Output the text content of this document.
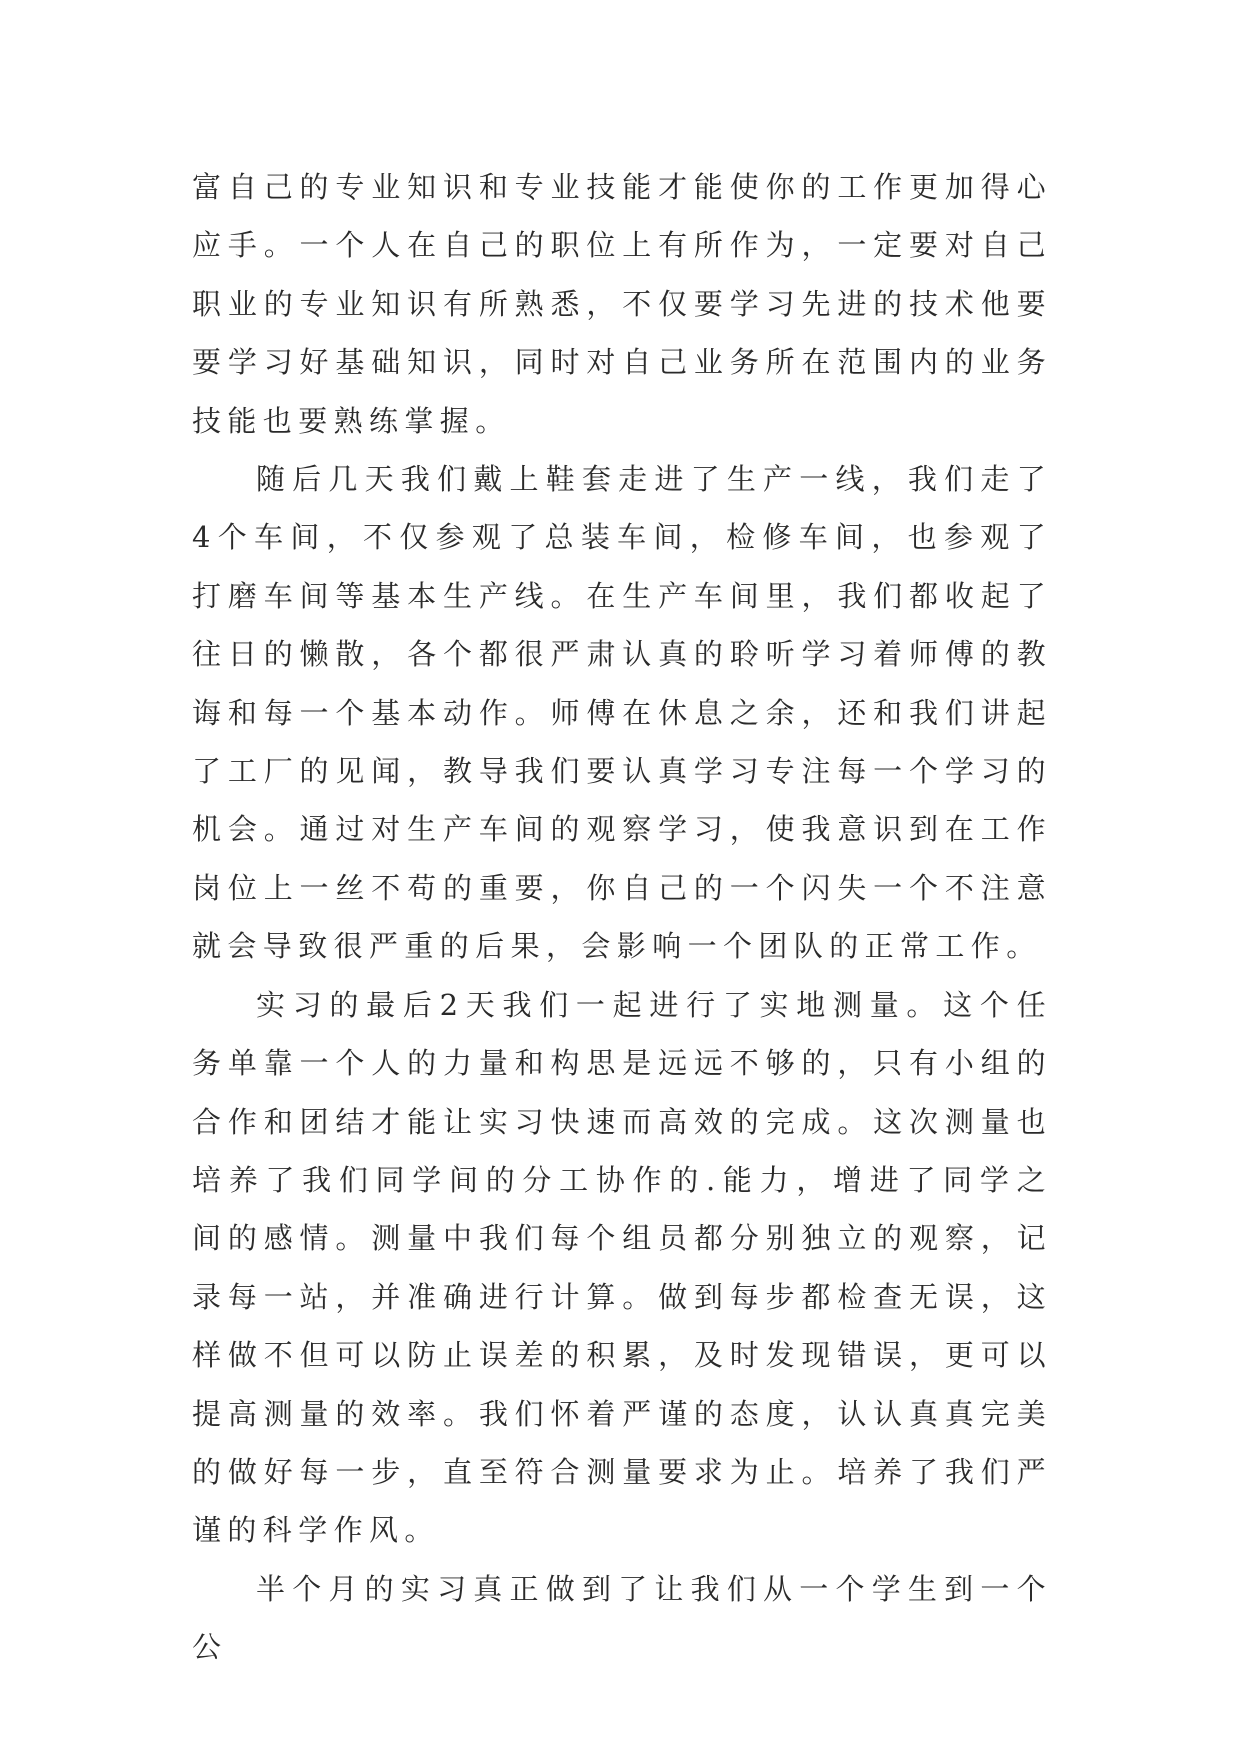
富自己的专业知识和专业技能才能使你的工作更加得心应手。一个人在自己的职位上有所作为，一定要对自己职业的专业知识有所熟悉，不仅要学习先进的技术他要要学习好基础知识，同时对自己业务所在范围内的业务技能也要熟练掌握。

随后几天我们戴上鞋套走进了生产一线，我们走了4个车间，不仅参观了总装车间，检修车间，也参观了打磨车间等基本生产线。在生产车间里，我们都收起了往日的懒散，各个都很严肃认真的聆听学习着师傅的教诲和每一个基本动作。师傅在休息之余，还和我们讲起了工厂的见闻，教导我们要认真学习专注每一个学习的机会。通过对生产车间的观察学习，使我意识到在工作岗位上一丝不苟的重要，你自己的一个闪失一个不注意就会导致很严重的后果，会影响一个团队的正常工作。

实习的最后2天我们一起进行了实地测量。这个任务单靠一个人的力量和构思是远远不够的，只有小组的合作和团结才能让实习快速而高效的完成。这次测量也培养了我们同学间的分工协作的.能力，增进了同学之间的感情。测量中我们每个组员都分别独立的观察，记录每一站，并准确进行计算。做到每步都检查无误，这样做不但可以防止误差的积累，及时发现错误，更可以提高测量的效率。我们怀着严谨的态度，认认真真完美的做好每一步，直至符合测量要求为止。培养了我们严谨的科学作风。

半个月的实习真正做到了让我们从一个学生到一个公
